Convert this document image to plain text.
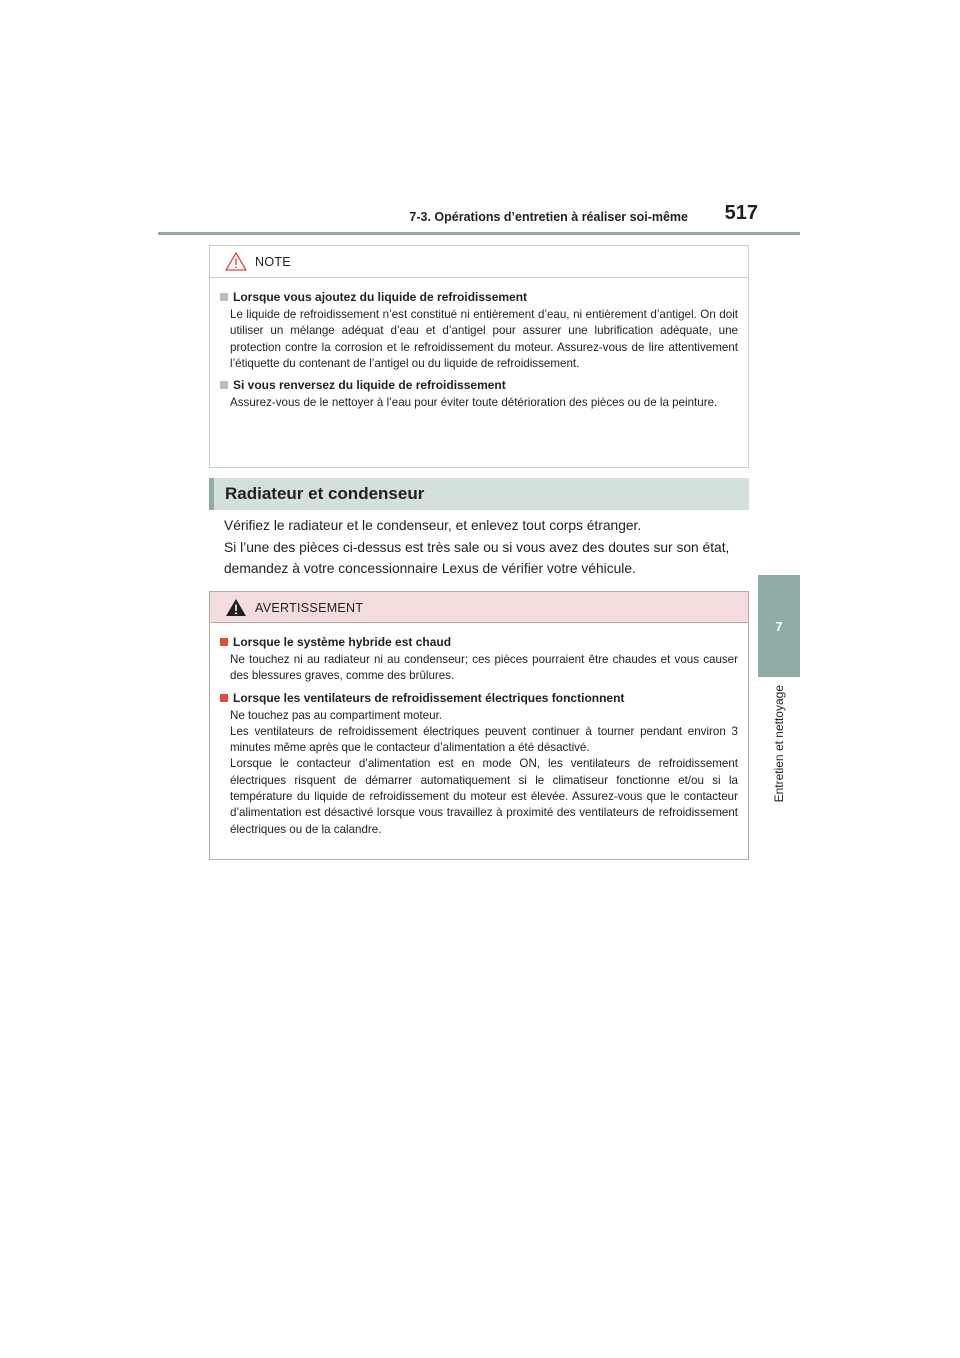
7-3. Opérations d’entretien à réaliser soi-même 517
7
Entretien et nettoyage
NOTE
Lorsque vous ajoutez du liquide de refroidissement

Le liquide de refroidissement n’est constitué ni entièrement d’eau, ni entièrement d’antigel. On doit utiliser un mélange adéquat d’eau et d’antigel pour assurer une lubrification adéquate, une protection contre la corrosion et le refroidissement du moteur. Assurez-vous de lire attentivement l’étiquette du contenant de l’antigel ou du liquide de refroidissement.

Si vous renversez du liquide de refroidissement

Assurez-vous de le nettoyer à l’eau pour éviter toute détérioration des pièces ou de la peinture.

Radiateur et condenseur

Vérifiez le radiateur et le condenseur, et enlevez tout corps étranger.

Si l’une des pièces ci-dessus est très sale ou si vous avez des doutes sur son état, demandez à votre concessionnaire Lexus de vérifier votre véhicule.

AVERTISSEMENT
Lorsque le système hybride est chaud

Ne touchez ni au radiateur ni au condenseur; ces pièces pourraient être chaudes et vous causer des blessures graves, comme des brûlures.

Lorsque les ventilateurs de refroidissement électriques fonctionnent

Ne touchez pas au compartiment moteur.

Les ventilateurs de refroidissement électriques peuvent continuer à tourner pendant environ 3 minutes même après que le contacteur d’alimentation a été désactivé.

Lorsque le contacteur d’alimentation est en mode ON, les ventilateurs de refroidissement électriques risquent de démarrer automatiquement si le climatiseur fonctionne et/ou si la température du liquide de refroidissement du moteur est élevée. Assurez-vous que le contacteur d’alimentation est désactivé lorsque vous travaillez à proximité des ventilateurs de refroidissement électriques ou de la calandre.
